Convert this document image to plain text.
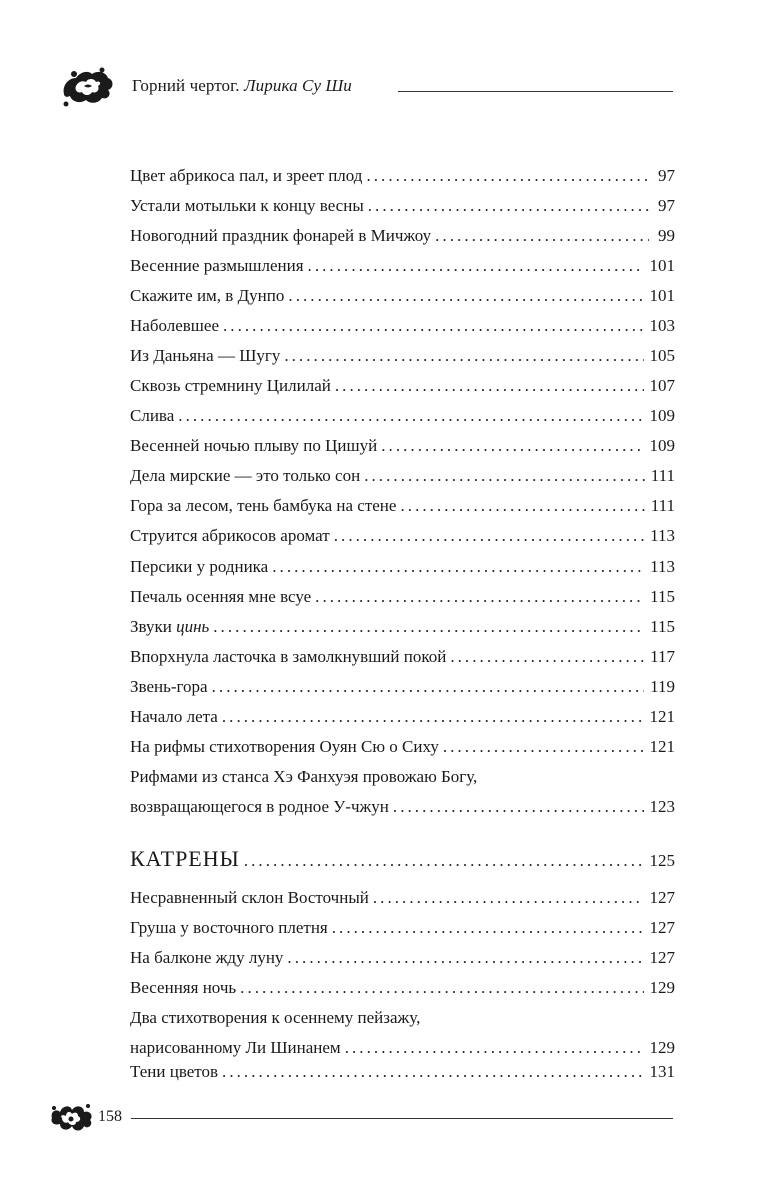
Горний чертог. Лирика Су Ши
Цвет абрикоса пал, и зреет плод . . .	97
Устали мотыльки к концу весны . . .	97
Новогодний праздник фонарей в Мичжоу . . .	99
Весенние размышления . . .	101
Скажите им, в Дунпо . . .	101
Наболевшее . . .	103
Из Даньяна — Шугу . . .	105
Сквозь стремнину Цилилай . . .	107
Слива . . .	109
Весенней ночью плыву по Цишуй . . .	109
Дела мирские — это только сон . . .	111
Гора за лесом, тень бамбука на стене . . .	111
Струится абрикосов аромат . . .	113
Персики у родника . . .	113
Печаль осенняя мне всуе . . .	115
Звуки цинь . . .	115
Впорхнула ласточка в замолкнувший покой . . .	117
Звень-гора . . .	119
Начало лета . . .	121
На рифмы стихотворения Оуян Сю о Сиху . . .	121
Рифмами из станса Хэ Фанхуэя провожаю Богу,
возвращающегося в родное У-чжун . . .	123
КАТРЕНЫ . . .	125
Несравненный склон Восточный . . .	127
Груша у восточного плетня . . .	127
На балконе жду луну . . .	127
Весенняя ночь . . .	129
Два стихотворения к осеннему пейзажу,
нарисованному Ли Шинанем . . .	129
Тени цветов . . .	131
158
